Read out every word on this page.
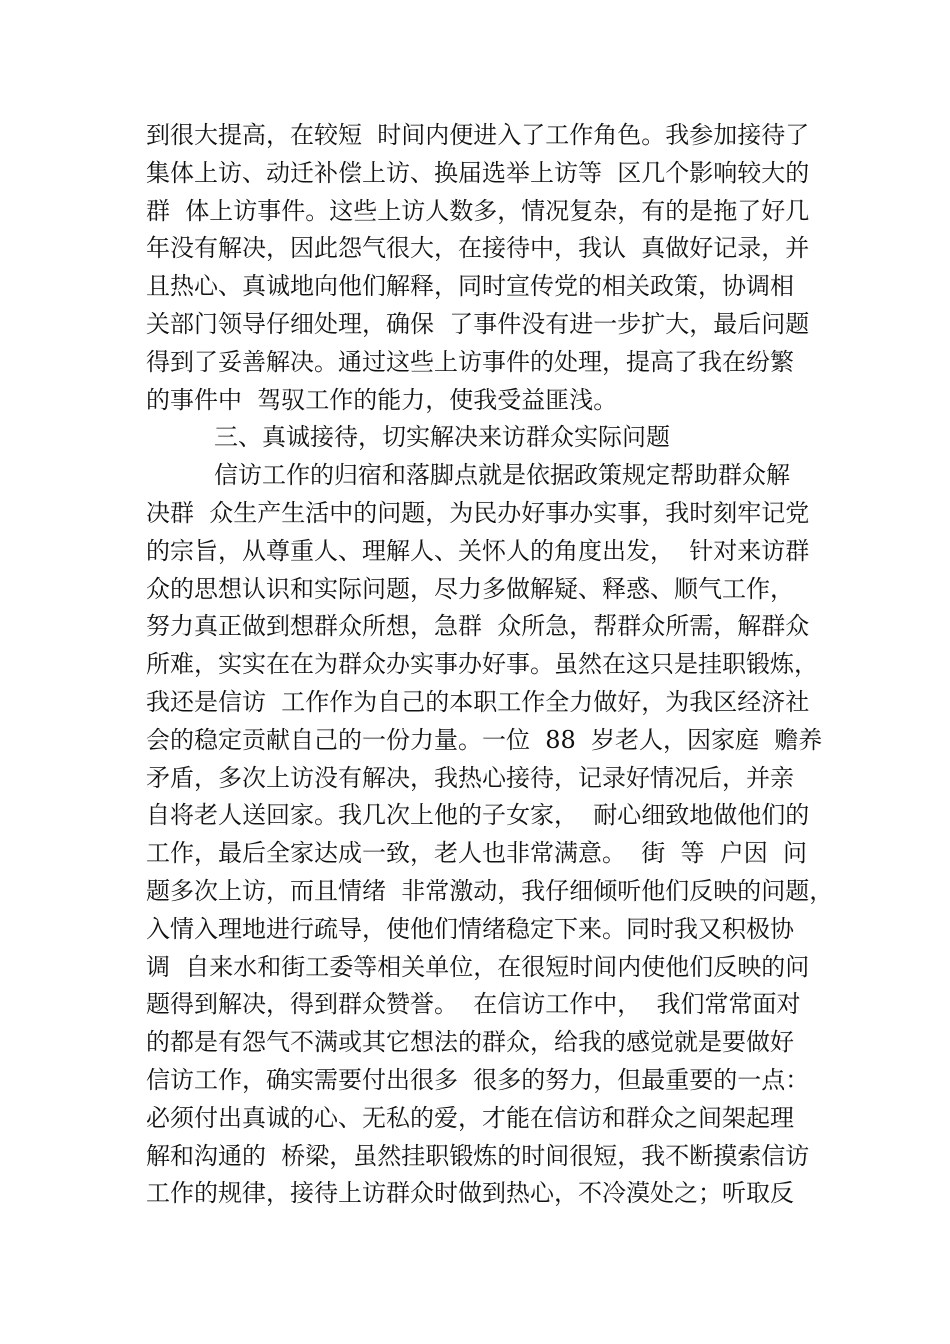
到很大提高，在较短  时间内便进入了工作角色。我参加接待了
集体上访、动迁补偿上访、换届选举上访等  区几个影响较大的
群  体上访事件。这些上访人数多，情况复杂，有的是拖了好几
年没有解决，因此怨气很大，在接待中，我认  真做好记录，并
且热心、真诚地向他们解释，同时宣传党的相关政策，协调相
关部门领导仔细处理，确保  了事件没有进一步扩大，最后问题
得到了妥善解决。通过这些上访事件的处理，提高了我在纷繁
的事件中  驾驭工作的能力，使我受益匪浅。
三、真诚接待，切实解决来访群众实际问题
信访工作的归宿和落脚点就是依据政策规定帮助群众解
决群  众生产生活中的问题，为民办好事办实事，我时刻牢记党
的宗旨，从尊重人、理解人、关怀人的角度出发，  针对来访群
众的思想认识和实际问题，尽力多做解疑、释惑、顺气工作，
努力真正做到想群众所想，急群  众所急，帮群众所需，解群众
所难，实实在在为群众办实事办好事。虽然在这只是挂职锻炼，
我还是信访  工作作为自己的本职工作全力做好，为我区经济社
会的稳定贡献自己的一份力量。一位  88  岁老人，因家庭  赡养
矛盾，多次上访没有解决，我热心接待，记录好情况后，并亲
自将老人送回家。我几次上他的子女家，  耐心细致地做他们的
工作，最后全家达成一致，老人也非常满意。  街  等  户因  问
题多次上访，而且情绪  非常激动，我仔细倾听他们反映的问题，
入情入理地进行疏导，使他们情绪稳定下来。同时我又积极协
调  自来水和街工委等相关单位，在很短时间内使他们反映的问
题得到解决，得到群众赞誉。  在信访工作中，  我们常常面对
的都是有怨气不满或其它想法的群众，给我的感觉就是要做好
信访工作，确实需要付出很多  很多的努力，但最重要的一点：
必须付出真诚的心、无私的爱，才能在信访和群众之间架起理
解和沟通的  桥梁，虽然挂职锻炼的时间很短，我不断摸索信访
工作的规律，接待上访群众时做到热心，不冷漠处之；听取反
